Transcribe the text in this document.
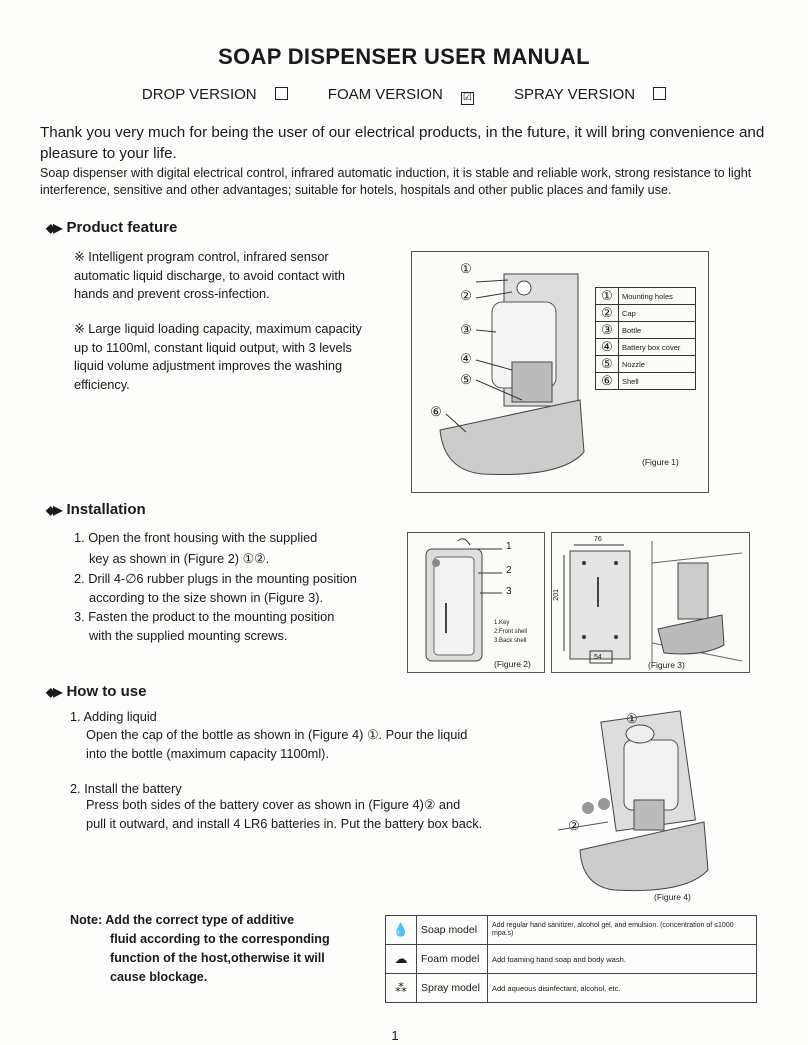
SOAP DISPENSER USER MANUAL
DROP VERSION	FOAM VERSION ☑	SPRAY VERSION
Thank you very much for being the user of our electrical products, in the future, it will bring convenience and pleasure to your life.
Soap dispenser with digital electrical control, infrared automatic induction, it is stable and reliable work, strong resistance to light interference, sensitive and other advantages; suitable for hotels, hospitals and other public places and family use.
◆▶ Product feature
※ Intelligent program control, infrared sensor automatic liquid discharge, to avoid contact with hands and prevent cross-infection.
※ Large liquid loading capacity, maximum capacity up to 1100ml, constant liquid output, with 3 levels liquid volume adjustment improves the washing efficiency.
①
②
③
④
⑤
⑥
①	Mounting holes
②	Cap
③	Bottle
④	Battery box cover
⑤	Nozzle
⑥	Shell
(Figure 1)
◆▶ Installation
1. Open the front housing with the supplied
key as shown in (Figure 2) ①②.
2. Drill 4-∅6 rubber plugs in the mounting position
according to the size shown in (Figure 3).
3. Fasten the product to the mounting position
with the supplied mounting screws.
1
2
3
1.Key
2.Front shell
3.Back shell
(Figure 2)
76
201
54
(Figure 3)
◆▶ How to use
1. Adding liquid
Open the cap of the bottle as shown in (Figure 4) ①. Pour the liquid
into the bottle (maximum capacity 1100ml).
2. Install the battery
Press both sides of the battery cover as shown in (Figure 4)② and
pull it outward, and install 4 LR6 batteries in. Put the battery box back.
①
②
(Figure 4)
Note: Add the correct type of additive
fluid according to the corresponding
function of the host,otherwise it will
cause blockage.
💧	Soap model	Add regular hand sanitizer, alcohol gel, and emulsion. (concentration of ≤1000 mpa.s)
☁	Foam model	Add foaming hand soap and body wash.
⁂	Spray model	Add aqueous disinfectant, alcohol, etc.
1
